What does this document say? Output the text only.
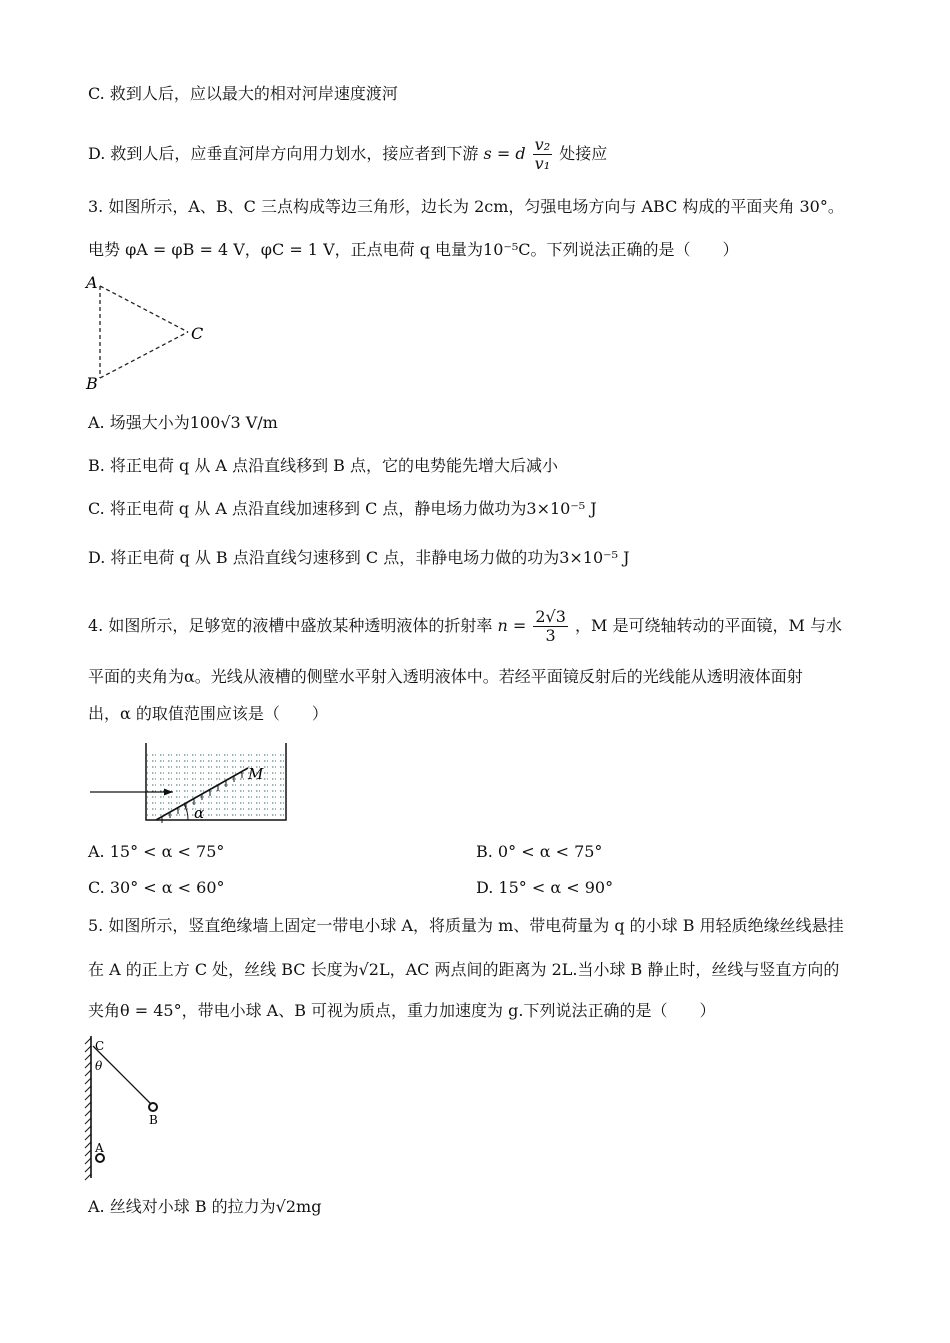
C. 救到人后，应以最大的相对河岸速度渡河
D. 救到人后，应垂直河岸方向用力划水，接应者到下游 s = d $\frac{\text{v₂}}{\text{v₁}}$ 处接应
3. 如图所示，A、B、C 三点构成等边三角形，边长为 2cm，匀强电场方向与 ABC 构成的平面夹角 30°。
电势 φA = φB = 4 V，φC = 1 V，正点电荷 q 电量为10⁻⁵C。下列说法正确的是（　　）
A
B
C
A. 场强大小为100√3 V/m
B. 将正电荷 q 从 A 点沿直线移到 B 点，它的电势能先增大后减小
C. 将正电荷 q 从 A 点沿直线加速移到 C 点，静电场力做功为3×10⁻⁵ J
D. 将正电荷 q 从 B 点沿直线匀速移到 C 点，非静电场力做的功为3×10⁻⁵ J
4. 如图所示，足够宽的液槽中盛放某种透明液体的折射率 $n = \frac{2√3}{3}$ ，M 是可绕轴转动的平面镜，M 与水
平面的夹角为α。光线从液槽的侧壁水平射入透明液体中。若经平面镜反射后的光线能从透明液体面射
出，α 的取值范围应该是（　　）
α
M
A. 15° < α < 75°	B. 0° < α < 75°
C. 30° < α < 60°	D. 15° < α < 90°
5. 如图所示，竖直绝缘墙上固定一带电小球 A，将质量为 m、带电荷量为 q 的小球 B 用轻质绝缘丝线悬挂
在 A 的正上方 C 处，丝线 BC 长度为√2L，AC 两点间的距离为 2L.当小球 B 静止时，丝线与竖直方向的
夹角θ = 45°，带电小球 A、B 可视为质点，重力加速度为 g.下列说法正确的是（　　）
C
θ
B
A
A. 丝线对小球 B 的拉力为√2mg
